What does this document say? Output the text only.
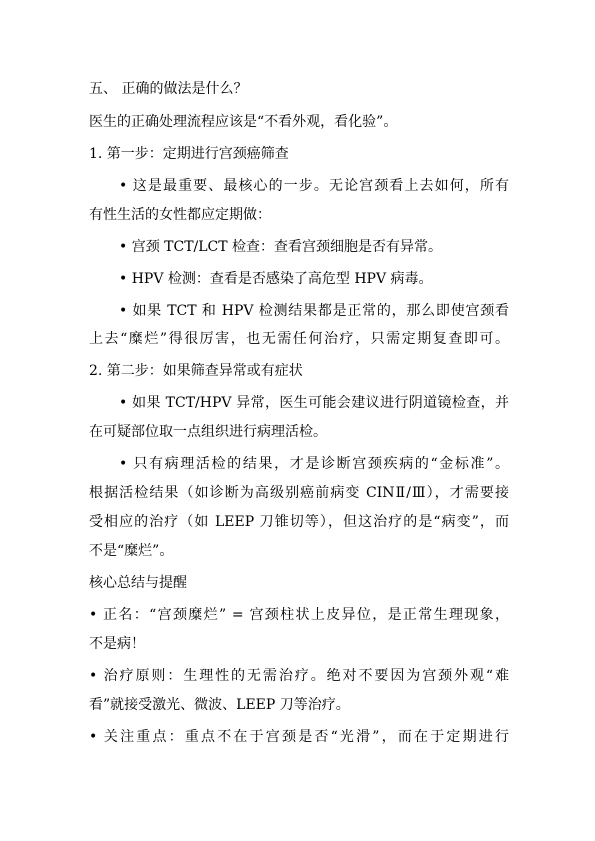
五、 正确的做法是什么？
医生的正确处理流程应该是“不看外观，看化验”。
1. 第一步：定期进行宫颈癌筛查
• 这是最重要、最核心的一步。无论宫颈看上去如何，所有
有性生活的女性都应定期做：
• 宫颈 TCT/LCT 检查：查看宫颈细胞是否有异常。
• HPV 检测：查看是否感染了高危型 HPV 病毒。
• 如果 TCT 和 HPV 检测结果都是正常的，那么即使宫颈看
上去“糜烂”得很厉害，也无需任何治疗，只需定期复查即可。
2. 第二步：如果筛查异常或有症状
• 如果 TCT/HPV 异常，医生可能会建议进行阴道镜检查，并
在可疑部位取一点组织进行病理活检。
• 只有病理活检的结果，才是诊断宫颈疾病的“金标准”。
根据活检结果（如诊断为高级别癌前病变 CINⅡ/Ⅲ），才需要接
受相应的治疗（如 LEEP 刀锥切等），但这治疗的是“病变”，而
不是“糜烂”。
核心总结与提醒
• 正名：“宫颈糜烂” = 宫颈柱状上皮异位，是正常生理现象，
不是病！
• 治疗原则：生理性的无需治疗。绝对不要因为宫颈外观“难
看”就接受激光、微波、LEEP 刀等治疗。
• 关注重点：重点不在于宫颈是否“光滑”，而在于定期进行
